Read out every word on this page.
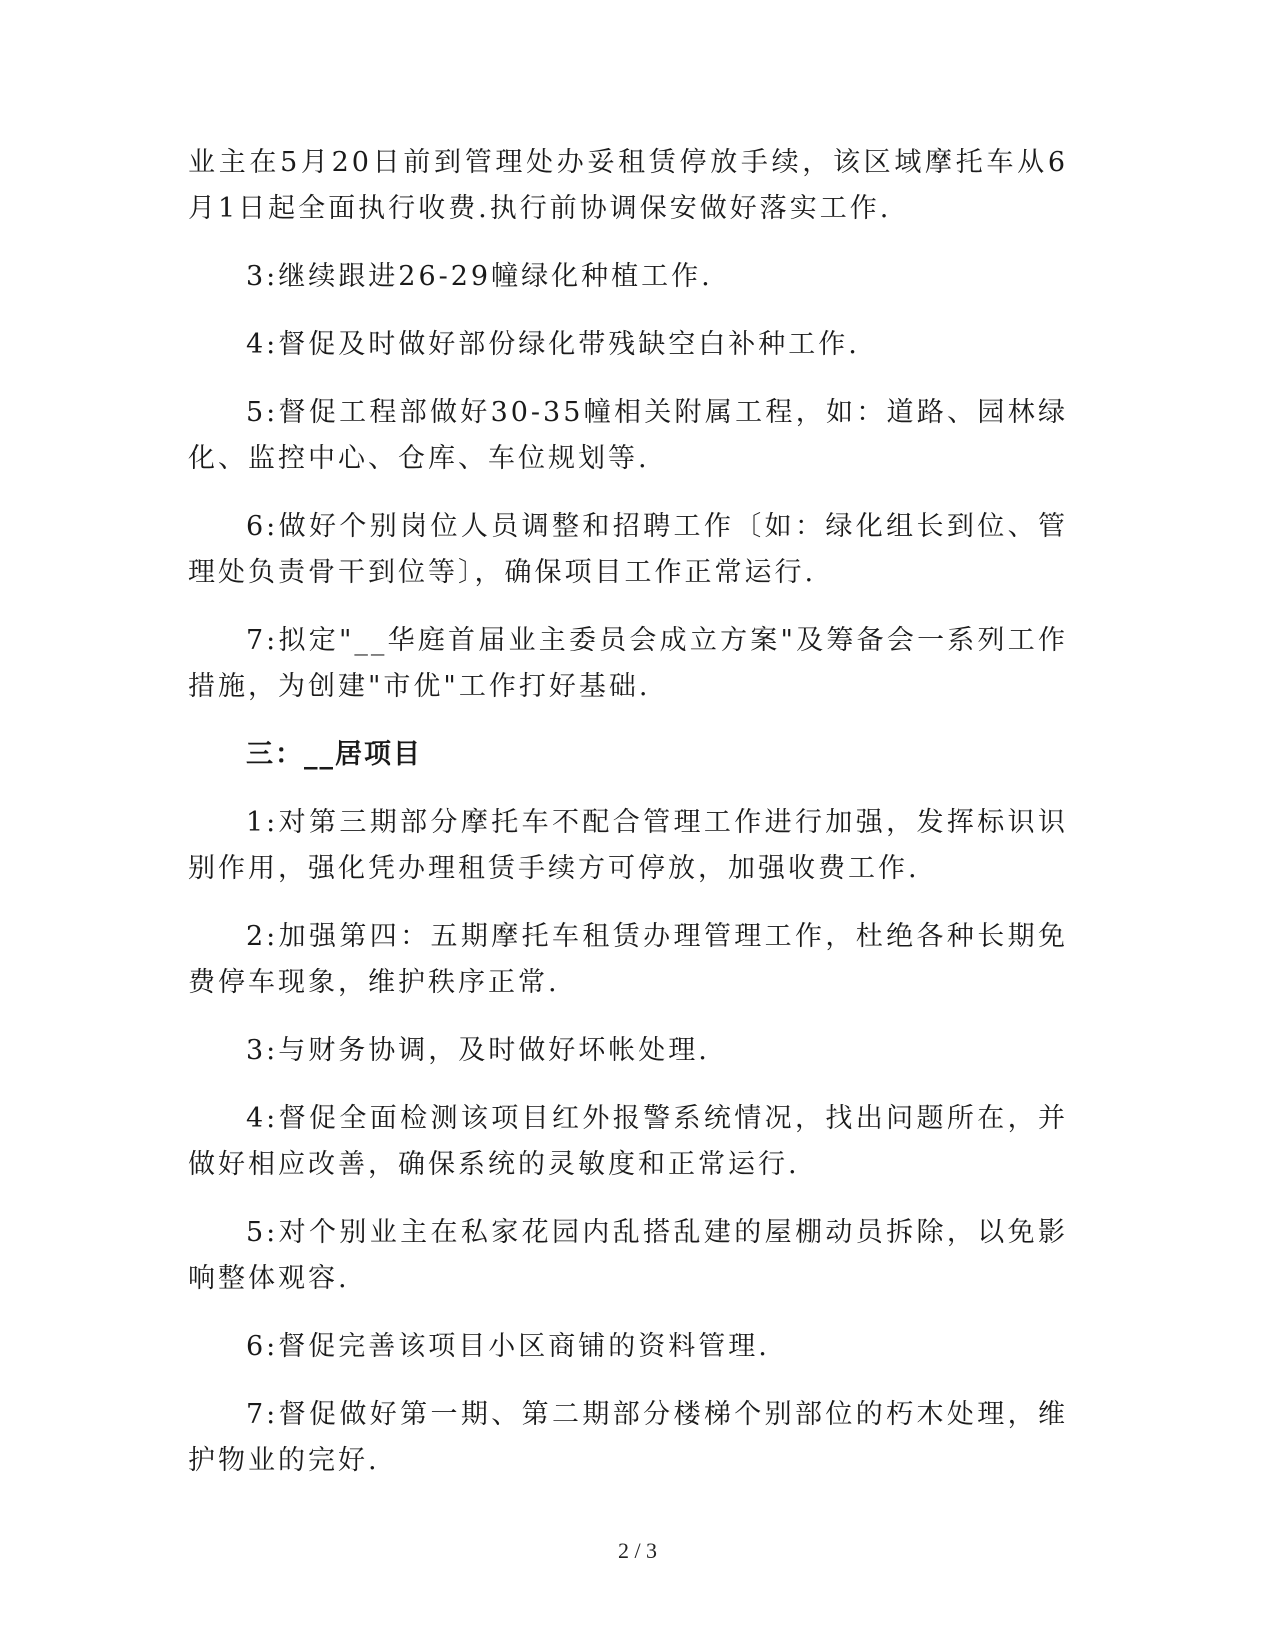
业主在5月20日前到管理处办妥租赁停放手续，该区域摩托车从6月1日起全面执行收费.执行前协调保安做好落实工作.

3:继续跟进26-29幢绿化种植工作.

4:督促及时做好部份绿化带残缺空白补种工作.

5:督促工程部做好30-35幢相关附属工程，如：道路、园林绿化、监控中心、仓库、车位规划等.

6:做好个别岗位人员调整和招聘工作〔如：绿化组长到位、管理处负责骨干到位等〕，确保项目工作正常运行.

7:拟定"__华庭首届业主委员会成立方案"及筹备会一系列工作措施，为创建"市优"工作打好基础.

三：__居项目

1:对第三期部分摩托车不配合管理工作进行加强，发挥标识识别作用，强化凭办理租赁手续方可停放，加强收费工作.

2:加强第四：五期摩托车租赁办理管理工作，杜绝各种长期免费停车现象，维护秩序正常.

3:与财务协调，及时做好坏帐处理.

4:督促全面检测该项目红外报警系统情况，找出问题所在，并做好相应改善，确保系统的灵敏度和正常运行.

5:对个别业主在私家花园内乱搭乱建的屋棚动员拆除，以免影响整体观容.

6:督促完善该项目小区商铺的资料管理.

7:督促做好第一期、第二期部分楼梯个别部位的朽木处理，维护物业的完好.

2 / 3
